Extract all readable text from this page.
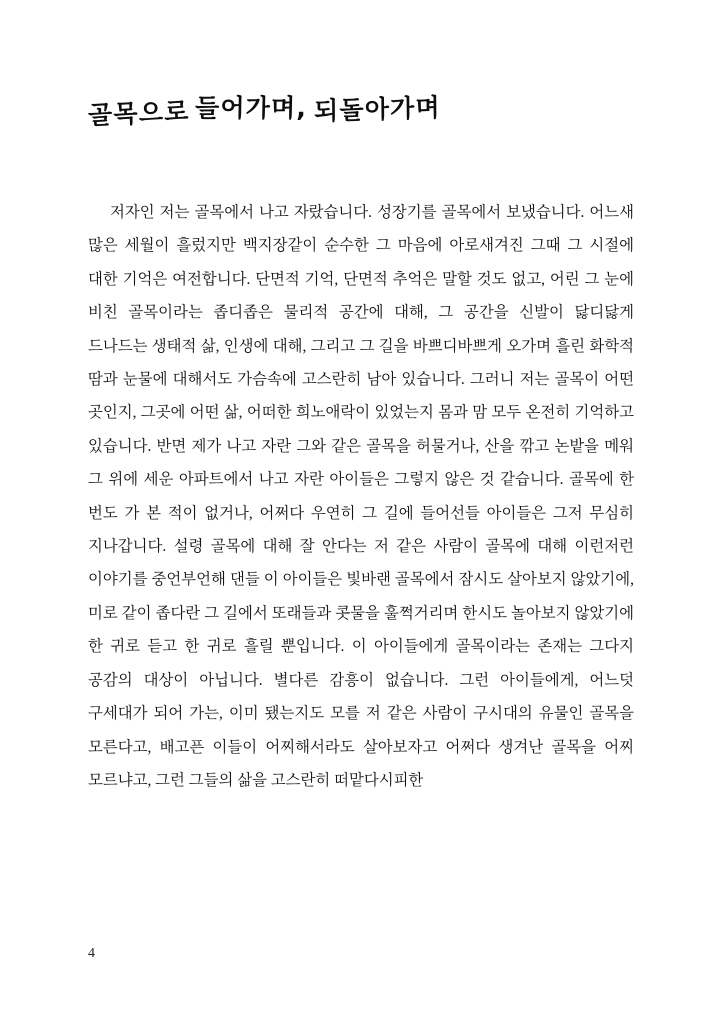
골목으로 들어가며, 되돌아가며

저자인 저는 골목에서 나고 자랐습니다. 성장기를 골목에서 보냈습니다. 어느새 많은 세월이 흘렀지만 백지장같이 순수한 그 마음에 아로새겨진 그때 그 시절에 대한 기억은 여전합니다. 단면적 기억, 단면적 추억은 말할 것도 없고, 어린 그 눈에 비친 골목이라는 좁디좁은 물리적 공간에 대해, 그 공간을 신발이 닳디닳게 드나드는 생태적 삶, 인생에 대해, 그리고 그 길을 바쁘디바쁘게 오가며 흘린 화학적 땀과 눈물에 대해서도 가슴속에 고스란히 남아 있습니다. 그러니 저는 골목이 어떤 곳인지, 그곳에 어떤 삶, 어떠한 희노애락이 있었는지 몸과 맘 모두 온전히 기억하고 있습니다. 반면 제가 나고 자란 그와 같은 골목을 허물거나, 산을 깎고 논밭을 메워 그 위에 세운 아파트에서 나고 자란 아이들은 그렇지 않은 것 같습니다. 골목에 한 번도 가 본 적이 없거나, 어쩌다 우연히 그 길에 들어선들 아이들은 그저 무심히 지나갑니다. 설령 골목에 대해 잘 안다는 저 같은 사람이 골목에 대해 이런저런 이야기를 중언부언해 댄들 이 아이들은 빛바랜 골목에서 잠시도 살아보지 않았기에, 미로 같이 좁다란 그 길에서 또래들과 콧물을 훌쩍거리며 한시도 놀아보지 않았기에 한 귀로 듣고 한 귀로 흘릴 뿐입니다. 이 아이들에게 골목이라는 존재는 그다지 공감의 대상이 아닙니다. 별다른 감흥이 없습니다. 그런 아이들에게, 어느덧 구세대가 되어 가는, 이미 됐는지도 모를 저 같은 사람이 구시대의 유물인 골목을 모른다고, 배고픈 이들이 어찌해서라도 살아보자고 어쩌다 생겨난 골목을 어찌 모르냐고, 그런 그들의 삶을 고스란히 떠맡다시피한

4
